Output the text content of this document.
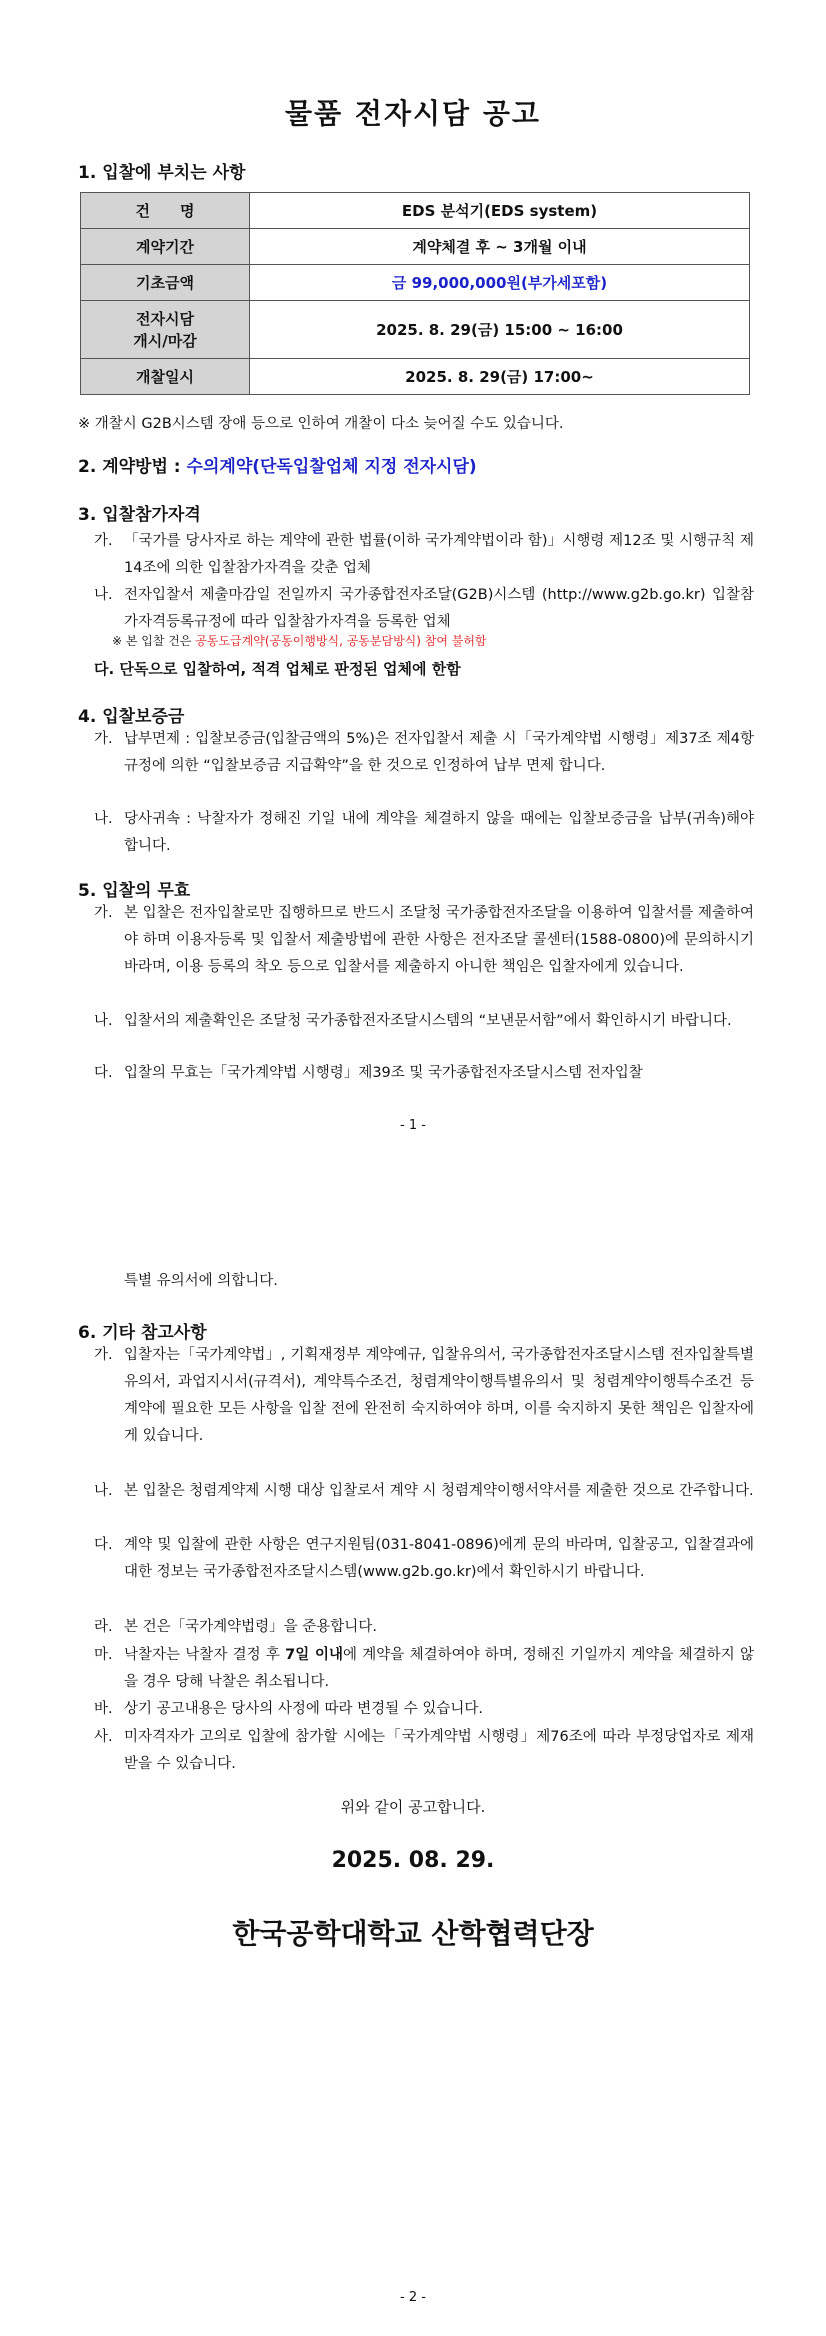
물품 전자시담 공고
1. 입찰에 부치는 사항
건　　명	EDS 분석기(EDS system)
계약기간	계약체결 후 ~ 3개월 이내
기초금액	금 99,000,000원(부가세포함)
전자시담
개시/마감	2025. 8. 29(금) 15:00 ~ 16:00
개찰일시	2025. 8. 29(금) 17:00~
※ 개찰시 G2B시스템 장애 등으로 인하여 개찰이 다소 늦어질 수도 있습니다.
2. 계약방법 : 수의계약(단독입찰업체 지정 전자시담)
3. 입찰참가자격
가. 「국가를 당사자로 하는 계약에 관한 법률(이하 국가계약법이라 함)」시행령 제12조 및 시행규칙 제14조에 의한 입찰참가자격을 갖춘 업체
나. 전자입찰서 제출마감일 전일까지 국가종합전자조달(G2B)시스템 (http://www.g2b.go.kr) 입찰참가자격등록규정에 따라 입찰참가자격을 등록한 업체
※ 본 입찰 건은 공동도급계약(공동이행방식, 공동분담방식) 참여 불허함
다. 단독으로 입찰하여, 적격 업체로 판정된 업체에 한함
4. 입찰보증금
가. 납부면제 : 입찰보증금(입찰금액의 5%)은 전자입찰서 제출 시「국가계약법 시행령」제37조 제4항 규정에 의한 “입찰보증금 지급확약”을 한 것으로 인정하여 납부 면제 합니다.
나. 당사귀속 : 낙찰자가 정해진 기일 내에 계약을 체결하지 않을 때에는 입찰보증금을 납부(귀속)해야 합니다.
5. 입찰의 무효
가. 본 입찰은 전자입찰로만 집행하므로 반드시 조달청 국가종합전자조달을 이용하여 입찰서를 제출하여야 하며 이용자등록 및 입찰서 제출방법에 관한 사항은 전자조달 콜센터(1588-0800)에 문의하시기 바라며, 이용 등록의 착오 등으로 입찰서를 제출하지 아니한 책임은 입찰자에게 있습니다.
나. 입찰서의 제출확인은 조달청 국가종합전자조달시스템의 “보낸문서함”에서 확인하시기 바랍니다.
다. 입찰의 무효는「국가계약법 시행령」제39조 및 국가종합전자조달시스템 전자입찰
- 1 -
특별 유의서에 의합니다.
6. 기타 참고사항
가. 입찰자는「국가계약법」, 기획재정부 계약예규, 입찰유의서, 국가종합전자조달시스템 전자입찰특별유의서, 과업지시서(규격서), 계약특수조건, 청렴계약이행특별유의서 및 청렴계약이행특수조건 등 계약에 필요한 모든 사항을 입찰 전에 완전히 숙지하여야 하며, 이를 숙지하지 못한 책임은 입찰자에게 있습니다.
나. 본 입찰은 청렴계약제 시행 대상 입찰로서 계약 시 청렴계약이행서약서를 제출한 것으로 간주합니다.
다. 계약 및 입찰에 관한 사항은 연구지원팀(031-8041-0896)에게 문의 바라며, 입찰공고, 입찰결과에 대한 정보는 국가종합전자조달시스템(www.g2b.go.kr)에서 확인하시기 바랍니다.
라. 본 건은「국가계약법령」을 준용합니다.
마. 낙찰자는 낙찰자 결정 후 7일 이내에 계약을 체결하여야 하며, 정해진 기일까지 계약을 체결하지 않을 경우 당해 낙찰은 취소됩니다.
바. 상기 공고내용은 당사의 사정에 따라 변경될 수 있습니다.
사. 미자격자가 고의로 입찰에 참가할 시에는「국가계약법 시행령」제76조에 따라 부정당업자로 제재 받을 수 있습니다.
위와 같이 공고합니다.
2025. 08. 29.
한국공학대학교 산학협력단장
- 2 -
